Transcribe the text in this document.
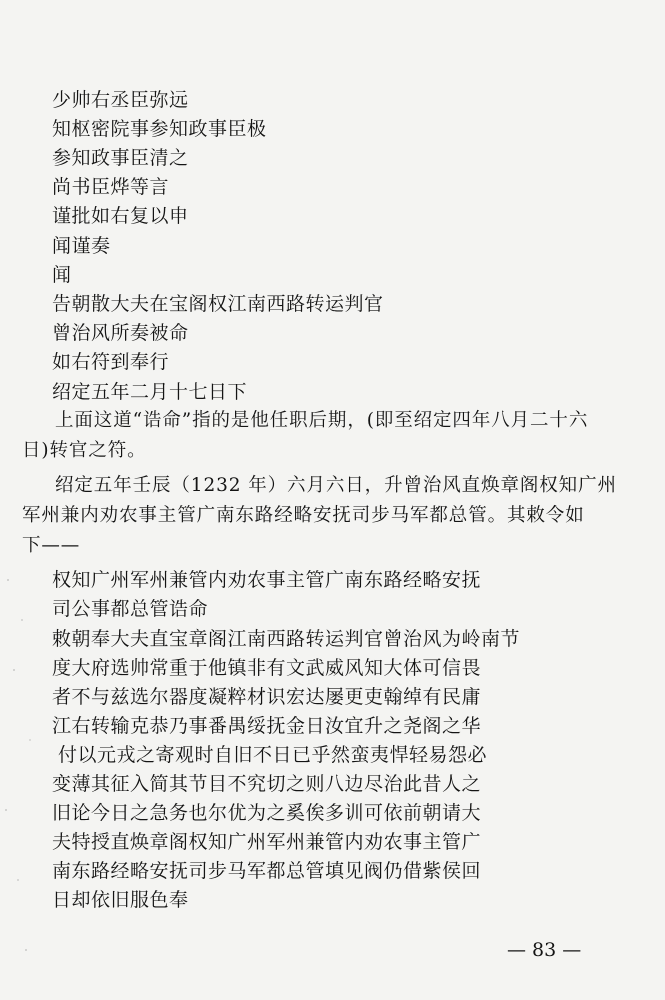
少帅右丞臣弥远
知枢密院事参知政事臣极
参知政事臣清之
尚书臣烨等言
谨批如右复以申
闻谨奏
闻
告朝散大夫在宝阁权江南西路转运判官
曾治风所奏被命
如右符到奉行
绍定五年二月十七日下
上面这道“诰命”指的是他任职后期，(即至绍定四年八月二十六
日)转官之符。
绍定五年壬辰（1232 年）六月六日，升曾治风直焕章阁权知广州
军州兼内劝农事主管广南东路经略安抚司步马军都总管。其敕令如
下——
权知广州军州兼管内劝农事主管广南东路经略安抚
司公事都总管诰命
敕朝奉大夫直宝章阁江南西路转运判官曾治风为岭南节
度大府选帅常重于他镇非有文武威风知大体可信畏
者不与兹选尔器度凝粹材识宏达屡更吏翰绰有民庸
江右转输克恭乃事番禺绥抚金日汝宜升之尧阁之华
付以元戎之寄观时自旧不日已乎然蛮夷悍轻易怨必
变薄其征入简其节目不究切之则八边尽治此昔人之
旧论今日之急务也尔优为之奚俟多训可依前朝请大
夫特授直焕章阁权知广州军州兼管内劝农事主管广
南东路经略安抚司步马军都总管填见阀仍借紫侯回
日却依旧服色奉
— 83 —
